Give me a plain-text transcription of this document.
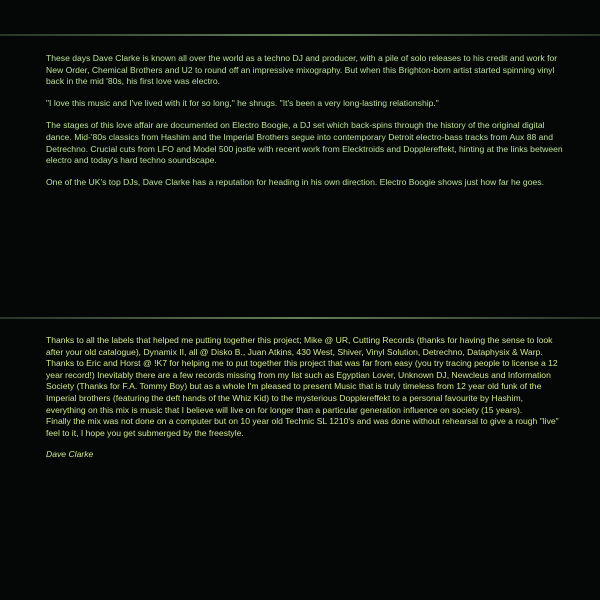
These days Dave Clarke is known all over the world as a techno DJ and producer, with a pile of solo releases to his credit and work for New Order, Chemical Brothers and U2 to round off an impressive mixography. But when this Brighton-born artist started spinning vinyl back in the mid '80s, his first love was electro.

"I love this music and I've lived with it for so long," he shrugs. "It's been a very long-lasting relationship."

The stages of this love affair are documented on Electro Boogie, a DJ set which back-spins through the history of the original digital dance. Mid-'80s classics from Hashim and the Imperial Brothers segue into contemporary Detroit electro-bass tracks from Aux 88 and Detrechno. Crucial cuts from LFO and Model 500 jostle with recent work from Elecktroids and Dopplereffekt, hinting at the links between electro and today's hard techno soundscape.

One of the UK's top DJs, Dave Clarke has a reputation for heading in his own direction. Electro Boogie shows just how far he goes.

Thanks to all the labels that helped me putting together this project; Mike @ UR, Cutting Records (thanks for having the sense to look after your old catalogue), Dynamix II, all @ Disko B., Juan Atkins, 430 West, Shiver, Vinyl Solution, Detrechno, Dataphysix & Warp. Thanks to Eric and Horst @ !K7 for helping me to put together this project that was far from easy (you try tracing people to license a 12 year record!) Inevitably there are a few records missing from my list such as Egyptian Lover, Unknown DJ, Newcleus and Information Society (Thanks for F.A. Tommy Boy) but as a whole I'm pleased to present Music that is truly timeless from 12 year old funk of the Imperial brothers (featuring the deft hands of the Whiz Kid) to the mysterious Dopplereffekt to a personal favourite by Hashim, everything on this mix is music that I believe will live on for longer than a particular generation influence on society (15 years).

Finally the mix was not done on a computer but on 10 year old Technic SL 1210's and was done without rehearsal to give a rough "live" feel to it, I hope you get submerged by the freestyle.

Dave Clarke
